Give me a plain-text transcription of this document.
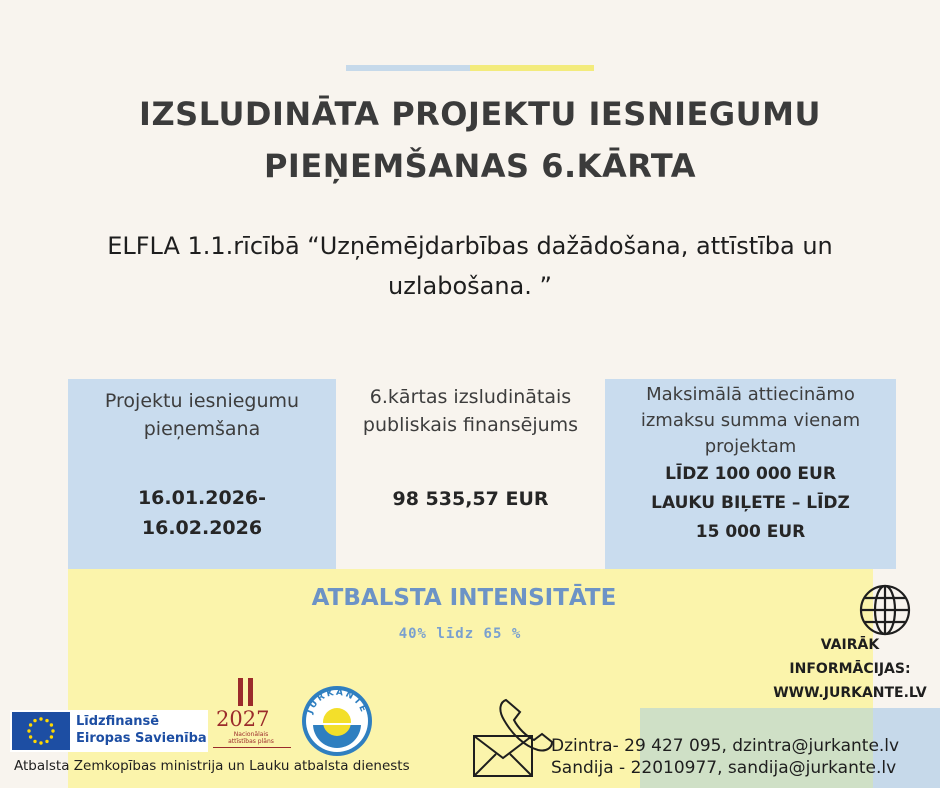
IZSLUDINĀTA PROJEKTU IESNIEGUMU
PIEŅEMŠANAS 6.KĀRTA
ELFLA 1.1.rīcībā “Uzņēmējdarbības dažādošana, attīstība un
uzlabošana. ”
Projektu iesniegumu
pieņemšana
16.01.2026-
16.02.2026
6.kārtas izsludinātais
publiskais finansējums
98 535,57 EUR
Maksimālā attiecināmo
izmaksu summa vienam
projektam
LĪDZ 100 000 EUR
LAUKU BIĻETE – LĪDZ
15 000 EUR
ATBALSTA INTENSITĀTE
40% līdz 65 %
VAIRĀK
INFORMĀCIJAS:
WWW.JURKANTE.LV
Dzintra- 29 427 095, dzintra@jurkante.lv
Sandija - 22010977, sandija@jurkante.lv
Līdzfinansē
Eiropas Savienība
2027
Nacionālais attīstības plāns
JURKANTE
Atbalsta Zemkopības ministrija un Lauku atbalsta dienests
